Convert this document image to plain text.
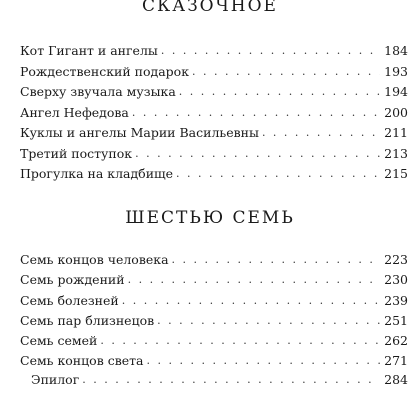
СКАЗОЧНОЕ
Кот Гигант и ангелы . . .	184
Рождественский подарок . . .	193
Сверху звучала музыка . . .	194
Ангел Нефедова . . .	200
Куклы и ангелы Марии Васильевны . . .	211
Третий поступок . . .	213
Прогулка на кладбище . . .	215
ШЕСТЬЮ СЕМЬ
Семь концов человека . . .	223
Семь рождений . . .	230
Семь болезней . . .	239
Семь пар близнецов . . .	251
Семь семей . . .	262
Семь концов света . . .	271
Эпилог . . .	284
